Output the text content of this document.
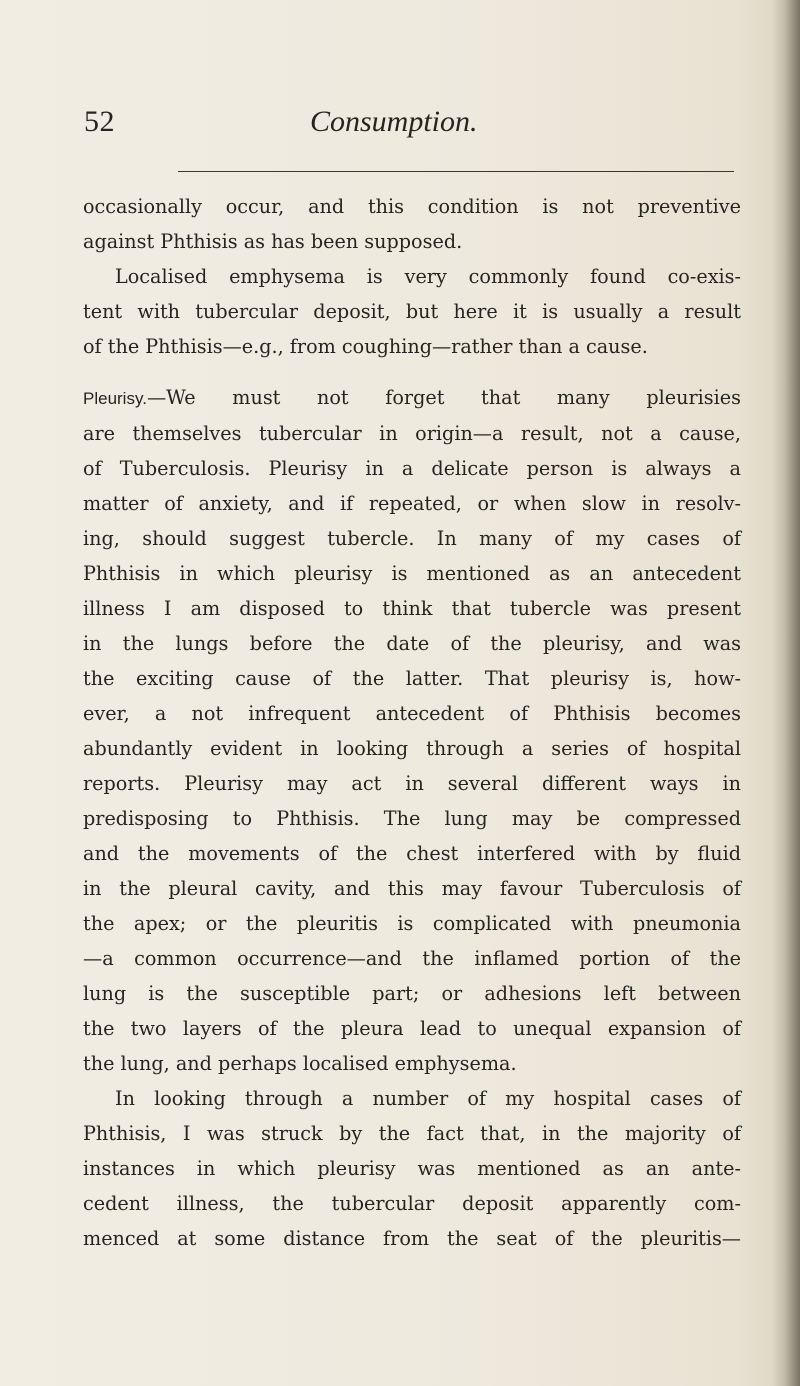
52	Consumption.

occasionally occur, and this condition is not preventive
against Phthisis as has been supposed.

Localised emphysema is very commonly found co-exis-
tent with tubercular deposit, but here it is usually a result
of the Phthisis—e.g., from coughing—rather than a cause.

Pleurisy.—We must not forget that many pleurisies
are themselves tubercular in origin—a result, not a cause,
of Tuberculosis. Pleurisy in a delicate person is always a
matter of anxiety, and if repeated, or when slow in resolv-
ing, should suggest tubercle. In many of my cases of
Phthisis in which pleurisy is mentioned as an antecedent
illness I am disposed to think that tubercle was present
in the lungs before the date of the pleurisy, and was
the exciting cause of the latter. That pleurisy is, how-
ever, a not infrequent antecedent of Phthisis becomes
abundantly evident in looking through a series of hospital
reports. Pleurisy may act in several different ways in
predisposing to Phthisis. The lung may be compressed
and the movements of the chest interfered with by fluid
in the pleural cavity, and this may favour Tuberculosis of
the apex; or the pleuritis is complicated with pneumonia
—a common occurrence—and the inflamed portion of the
lung is the susceptible part; or adhesions left between
the two layers of the pleura lead to unequal expansion of
the lung, and perhaps localised emphysema.

In looking through a number of my hospital cases of
Phthisis, I was struck by the fact that, in the majority of
instances in which pleurisy was mentioned as an ante-
cedent illness, the tubercular deposit apparently com-
menced at some distance from the seat of the pleuritis—
